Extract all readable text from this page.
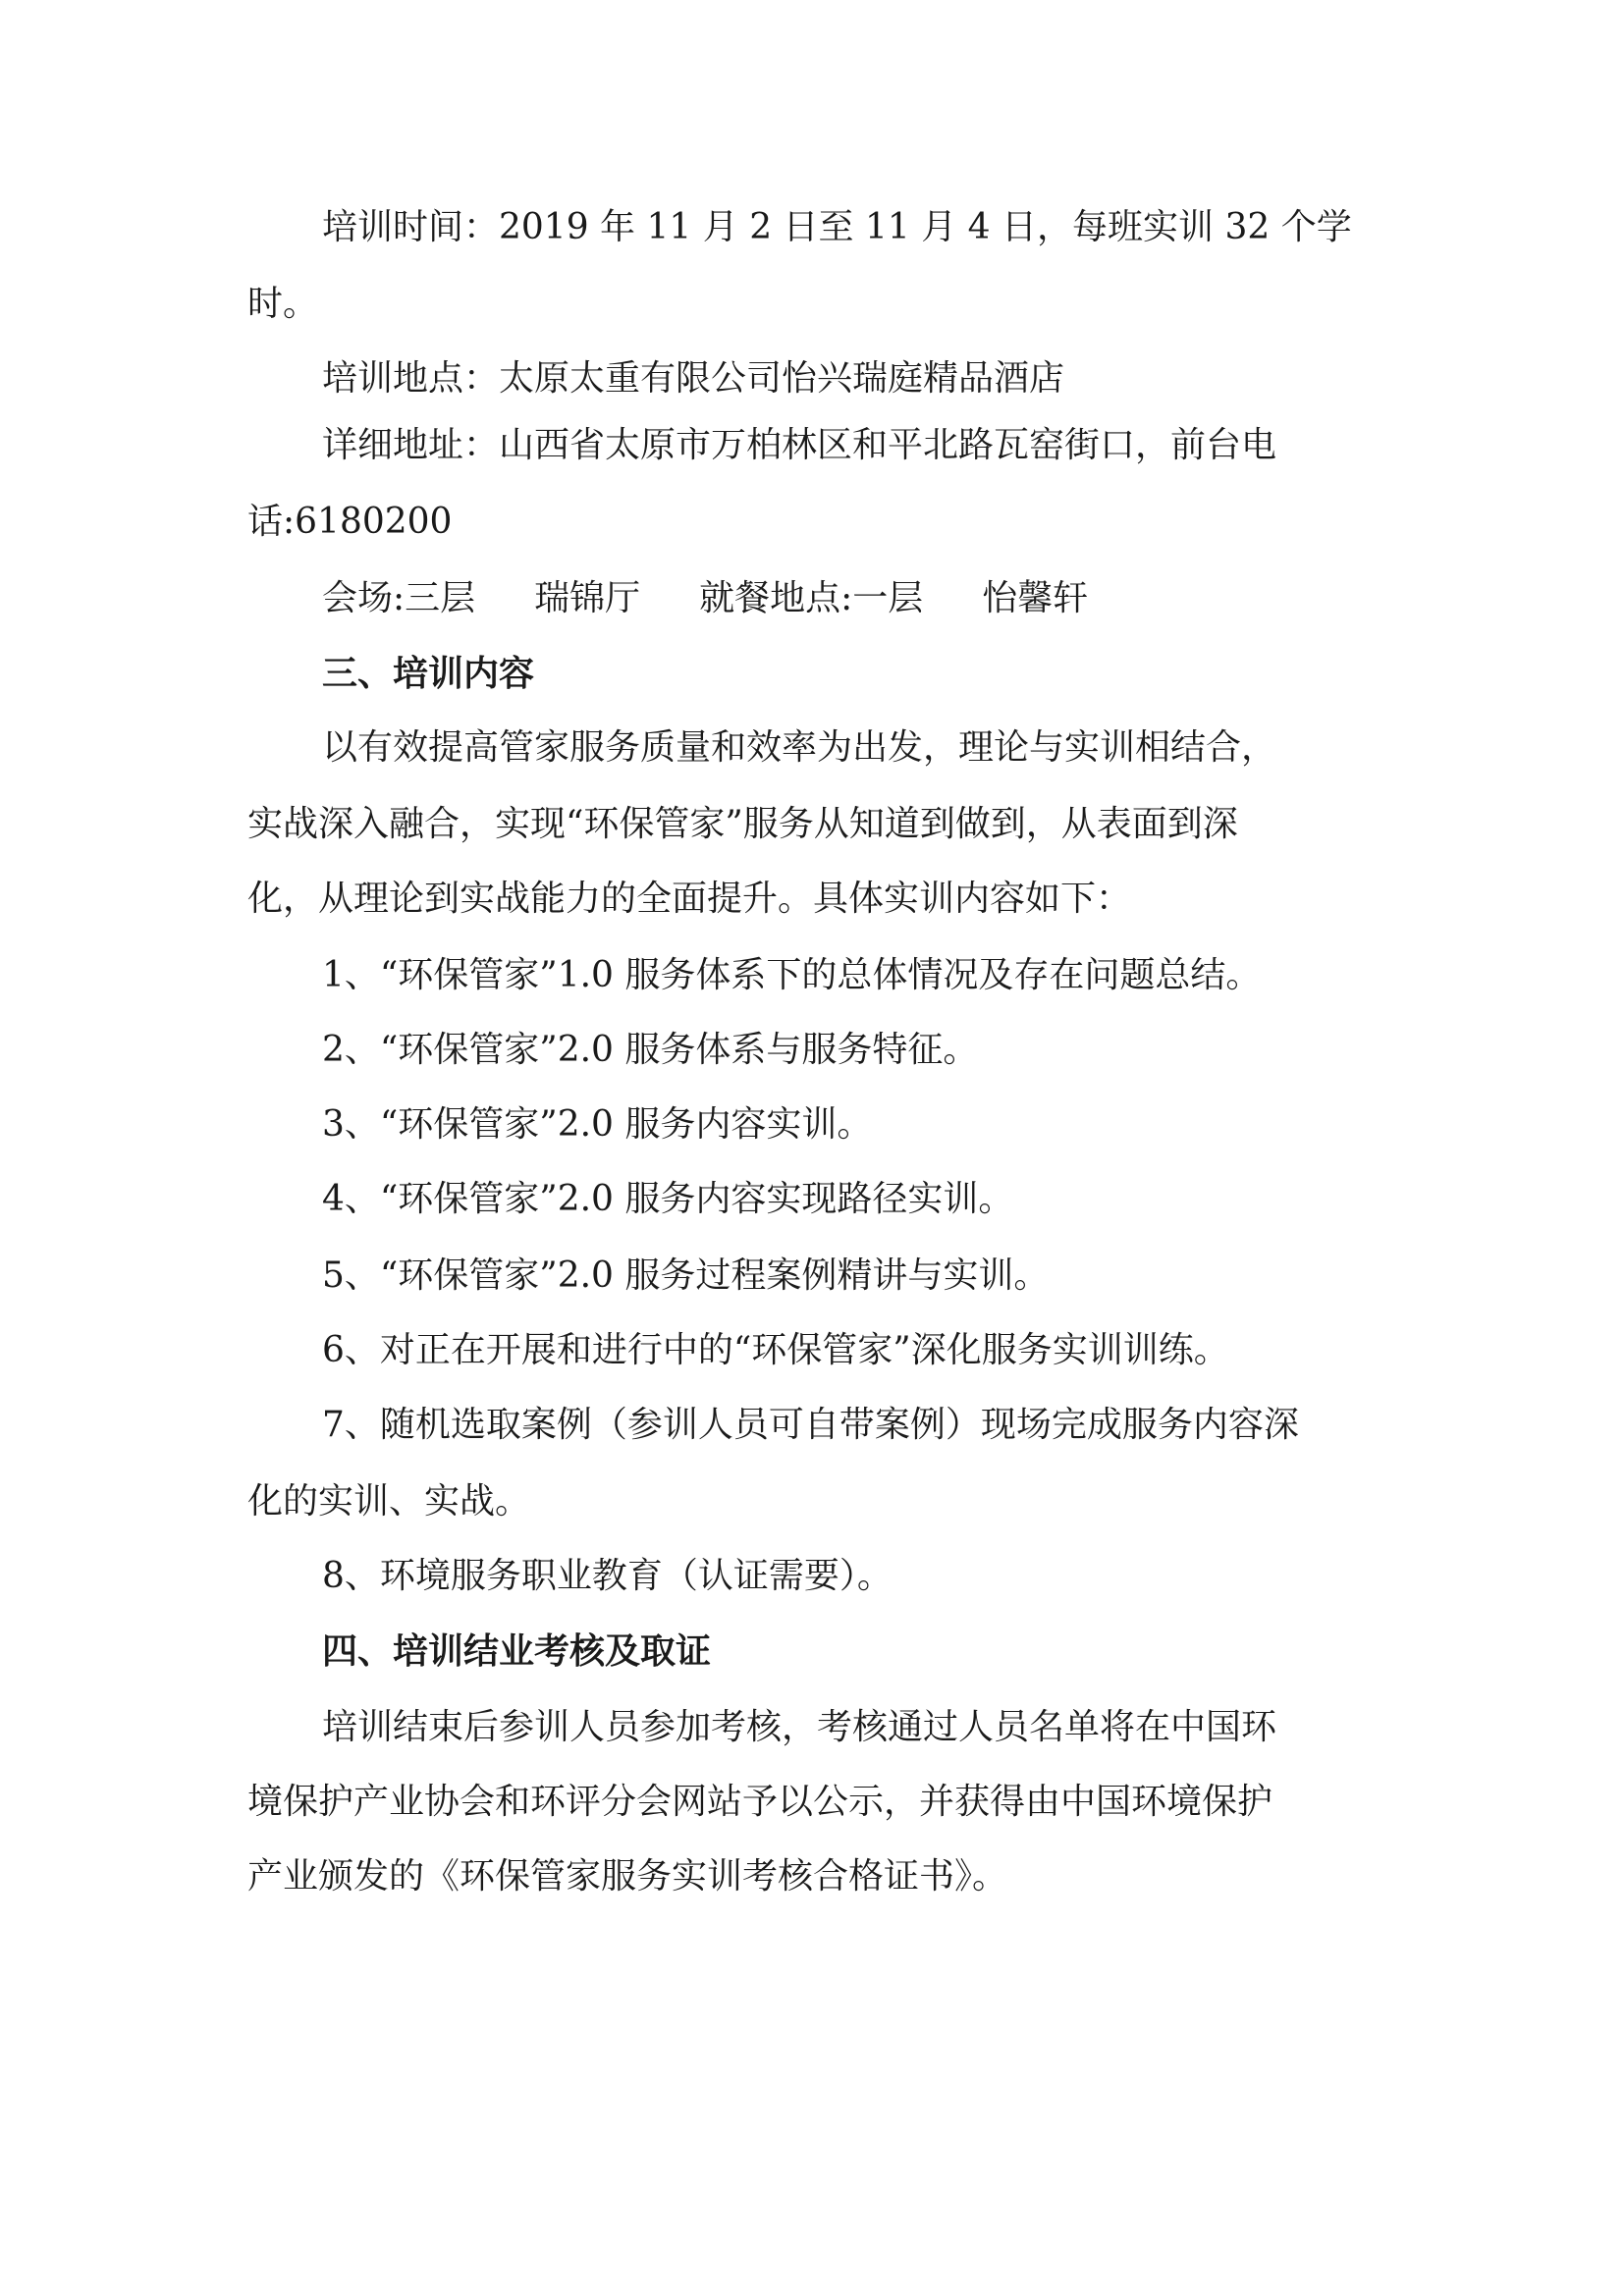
培训时间：2019 年 11 月 2 日至 11 月 4 日，每班实训 32 个学
时。
培训地点：太原太重有限公司怡兴瑞庭精品酒店
详细地址：山西省太原市万柏林区和平北路瓦窑街口，前台电
话:6180200
会场:三层 瑞锦厅 就餐地点:一层 怡馨轩
三、培训内容
以有效提高管家服务质量和效率为出发，理论与实训相结合，
实战深入融合，实现“环保管家”服务从知道到做到，从表面到深
化，从理论到实战能力的全面提升。具体实训内容如下：
1、“环保管家”1.0 服务体系下的总体情况及存在问题总结。
2、“环保管家”2.0 服务体系与服务特征。
3、“环保管家”2.0 服务内容实训。
4、“环保管家”2.0 服务内容实现路径实训。
5、“环保管家”2.0 服务过程案例精讲与实训。
6、对正在开展和进行中的“环保管家”深化服务实训训练。
7、随机选取案例（参训人员可自带案例）现场完成服务内容深
化的实训、实战。
8、环境服务职业教育（认证需要）。
四、培训结业考核及取证
培训结束后参训人员参加考核，考核通过人员名单将在中国环
境保护产业协会和环评分会网站予以公示，并获得由中国环境保护
产业颁发的《环保管家服务实训考核合格证书》。
